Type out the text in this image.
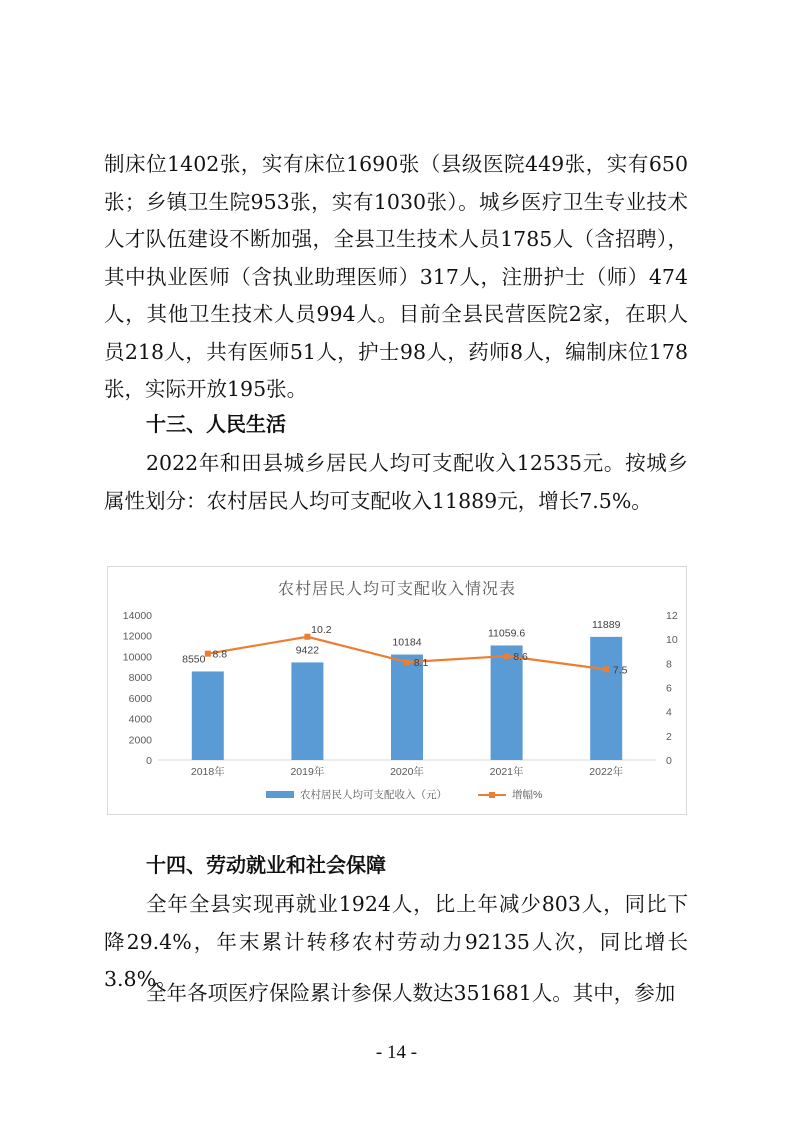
制床位1402张，实有床位1690张（县级医院449张，实有650张；乡镇卫生院953张，实有1030张）。城乡医疗卫生专业技术人才队伍建设不断加强，全县卫生技术人员1785人（含招聘），其中执业医师（含执业助理医师）317人，注册护士（师）474人，其他卫生技术人员994人。目前全县民营医院2家，在职人员218人，共有医师51人，护士98人，药师8人，编制床位178张，实际开放195张。

十三、人民生活

2022年和田县城乡居民人均可支配收入12535元。按城乡属性划分：农村居民人均可支配收入11889元，增长7.5%。

农村居民人均可支配收入情况表
0
2000
4000
6000
8000
10000
12000
14000
0
2
4
6
8
10
12
2018年	2019年	2020年	2021年	2022年
8550
9422
10184
11059.6
11889
8.8
10.2
8.1
8.6
7.5
农村居民人均可支配收入（元）	增幅%
十四、劳动就业和社会保障

全年全县实现再就业1924人，比上年减少803人，同比下降29.4%，年末累计转移农村劳动力92135人次，同比增长3.8%。

全年各项医疗保险累计参保人数达351681人。其中，参加

- 14 -
